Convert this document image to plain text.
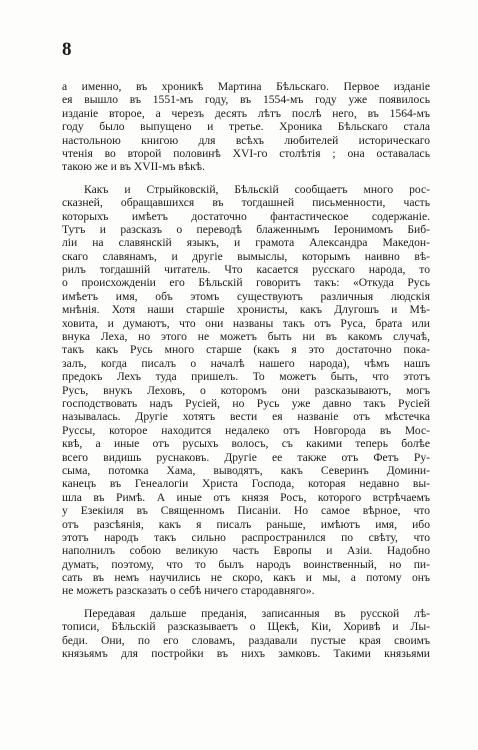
8
а именно, въ хроникѣ Мартина Бѣльскаго. Первое изданіе
ея вышло въ 1551-мъ году, въ 1554-мъ году уже появилось
изданіе второе, а черезъ десять лѣтъ послѣ него, въ 1564-мъ
году было выпущено и третье. Хроника Бѣльскаго стала
настольною книгою для всѣхъ любителей историческаго
чтенія во второй половинѣ XVI-го столѣтія ; она оставалась
такою же и въ XVII-мъ вѣкѣ.
Какъ и Стрыйковскій, Бѣльскій сообщаетъ много рос-
сказней, обращавшихся въ тогдашней письменности, часть
которыхъ имѣетъ достаточно фантастическое содержаніе.
Тутъ и разсказъ о переводѣ блаженнымъ Іеронимомъ Биб-
ліи на славянскій языкъ, и грамота Александра Македон-
скаго славянамъ, и другіе вымыслы, которымъ наивно вѣ-
рилъ тогдашній читатель. Что касается русскаго народа, то
о происхожденіи его Бѣльскій говоритъ такъ: «Откуда Русь
имѣетъ имя, объ этомъ существуютъ различныя людскія
мнѣнія. Хотя наши старшіе хронисты, какъ Длугошъ и Мѣ-
ховита, и думаютъ, что они названы такъ отъ Руса, брата или
внука Леха, но этого не можетъ быть ни въ какомъ случаѣ,
такъ какъ Русь много старше (какъ я это достаточно пока-
залъ, когда писалъ о началѣ нашего народа), чѣмъ нашъ
предокъ Лехъ туда пришелъ. То можетъ быть, что этотъ
Русъ, внукъ Леховъ, о которомъ они разсказываютъ, могъ
господствовать надъ Русіей, но Русь уже давно такъ Русіей
называлась. Другіе хотятъ вести ея названіе отъ мѣстечка
Руссы, которое находится недалеко отъ Новгорода въ Мос-
квѣ, а иные отъ русыхъ волосъ, съ какими теперь болѣе
всего видишь руснаковъ. Другіе ее также отъ Фетъ Ру-
сыма, потомка Хама, выводятъ, какъ Северинъ Домини-
канецъ въ Генеалогіи Христа Господа, которая недавно вы-
шла въ Римѣ. А иные отъ князя Росъ, которого встрѣчаемъ
у Езекіиля въ Священномъ Писаніи. Но самое вѣрное, что
отъ разсѣянія, какъ я писалъ раньше, имѣютъ имя, ибо
этотъ народъ такъ сильно распространился по свѣту, что
наполнилъ собою великую часть Европы и Азіи. Надобно
думать, поэтому, что то былъ народъ воинственный, но пи-
сать въ немъ научились не скоро, какъ и мы, а потому онъ
не можетъ разсказать о себѣ ничего стародавняго».
Передавая дальше преданія, записанныя въ русской лѣ-
тописи, Бѣльскій разсказываетъ о Щекѣ, Кіи, Хоривѣ и Лы-
беди. Они, по его словамъ, раздавали пустые края своимъ
князьямъ для постройки въ нихъ замковъ. Такими князьями
